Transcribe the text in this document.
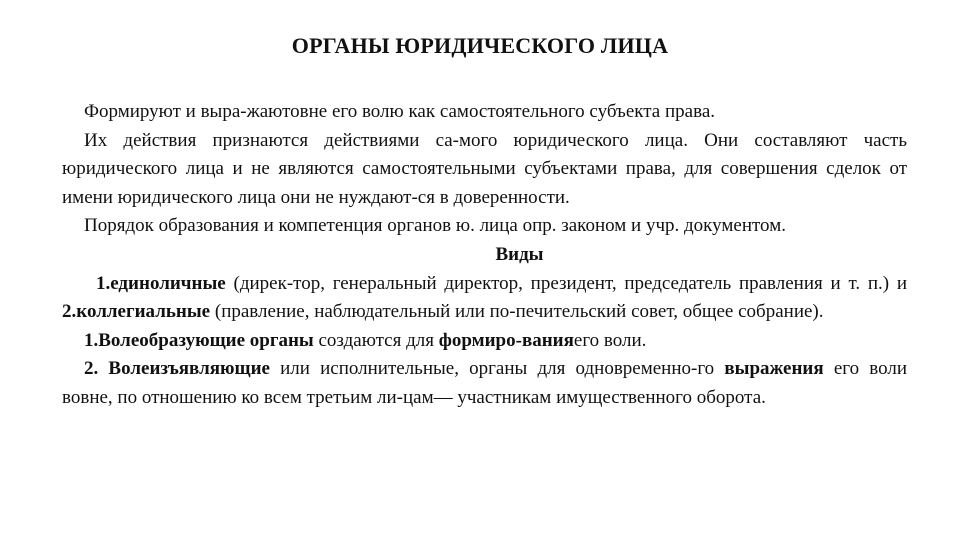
ОРГАНЫ ЮРИДИЧЕСКОГО ЛИЦА

Формируют и выра-жаютовне его волю как самостоятельного субъекта права.

Их действия признаются действиями са-мого юридического лица. Они составляют часть юридического лица и не являются самостоятельными субъектами права, для совершения сделок от имени юридического лица они не нуждают-ся в доверенности.

Порядок образования и компетенция органов ю. лица опр. законом и учр. документом.

Виды

1.единоличные (дирек-тор, генеральный директор, президент, председатель правления и т. п.) и 2.коллегиальные (правление, наблюдательный или по-печительский совет, общее собрание).

1.Волеобразующие органы создаются для формиро-ванияего воли.

2. Волеизъявляющие или исполнительные, органы для одновременно-го выражения его воли вовне, по отношению ко всем третьим ли-цам— участникам имущественного оборота.
